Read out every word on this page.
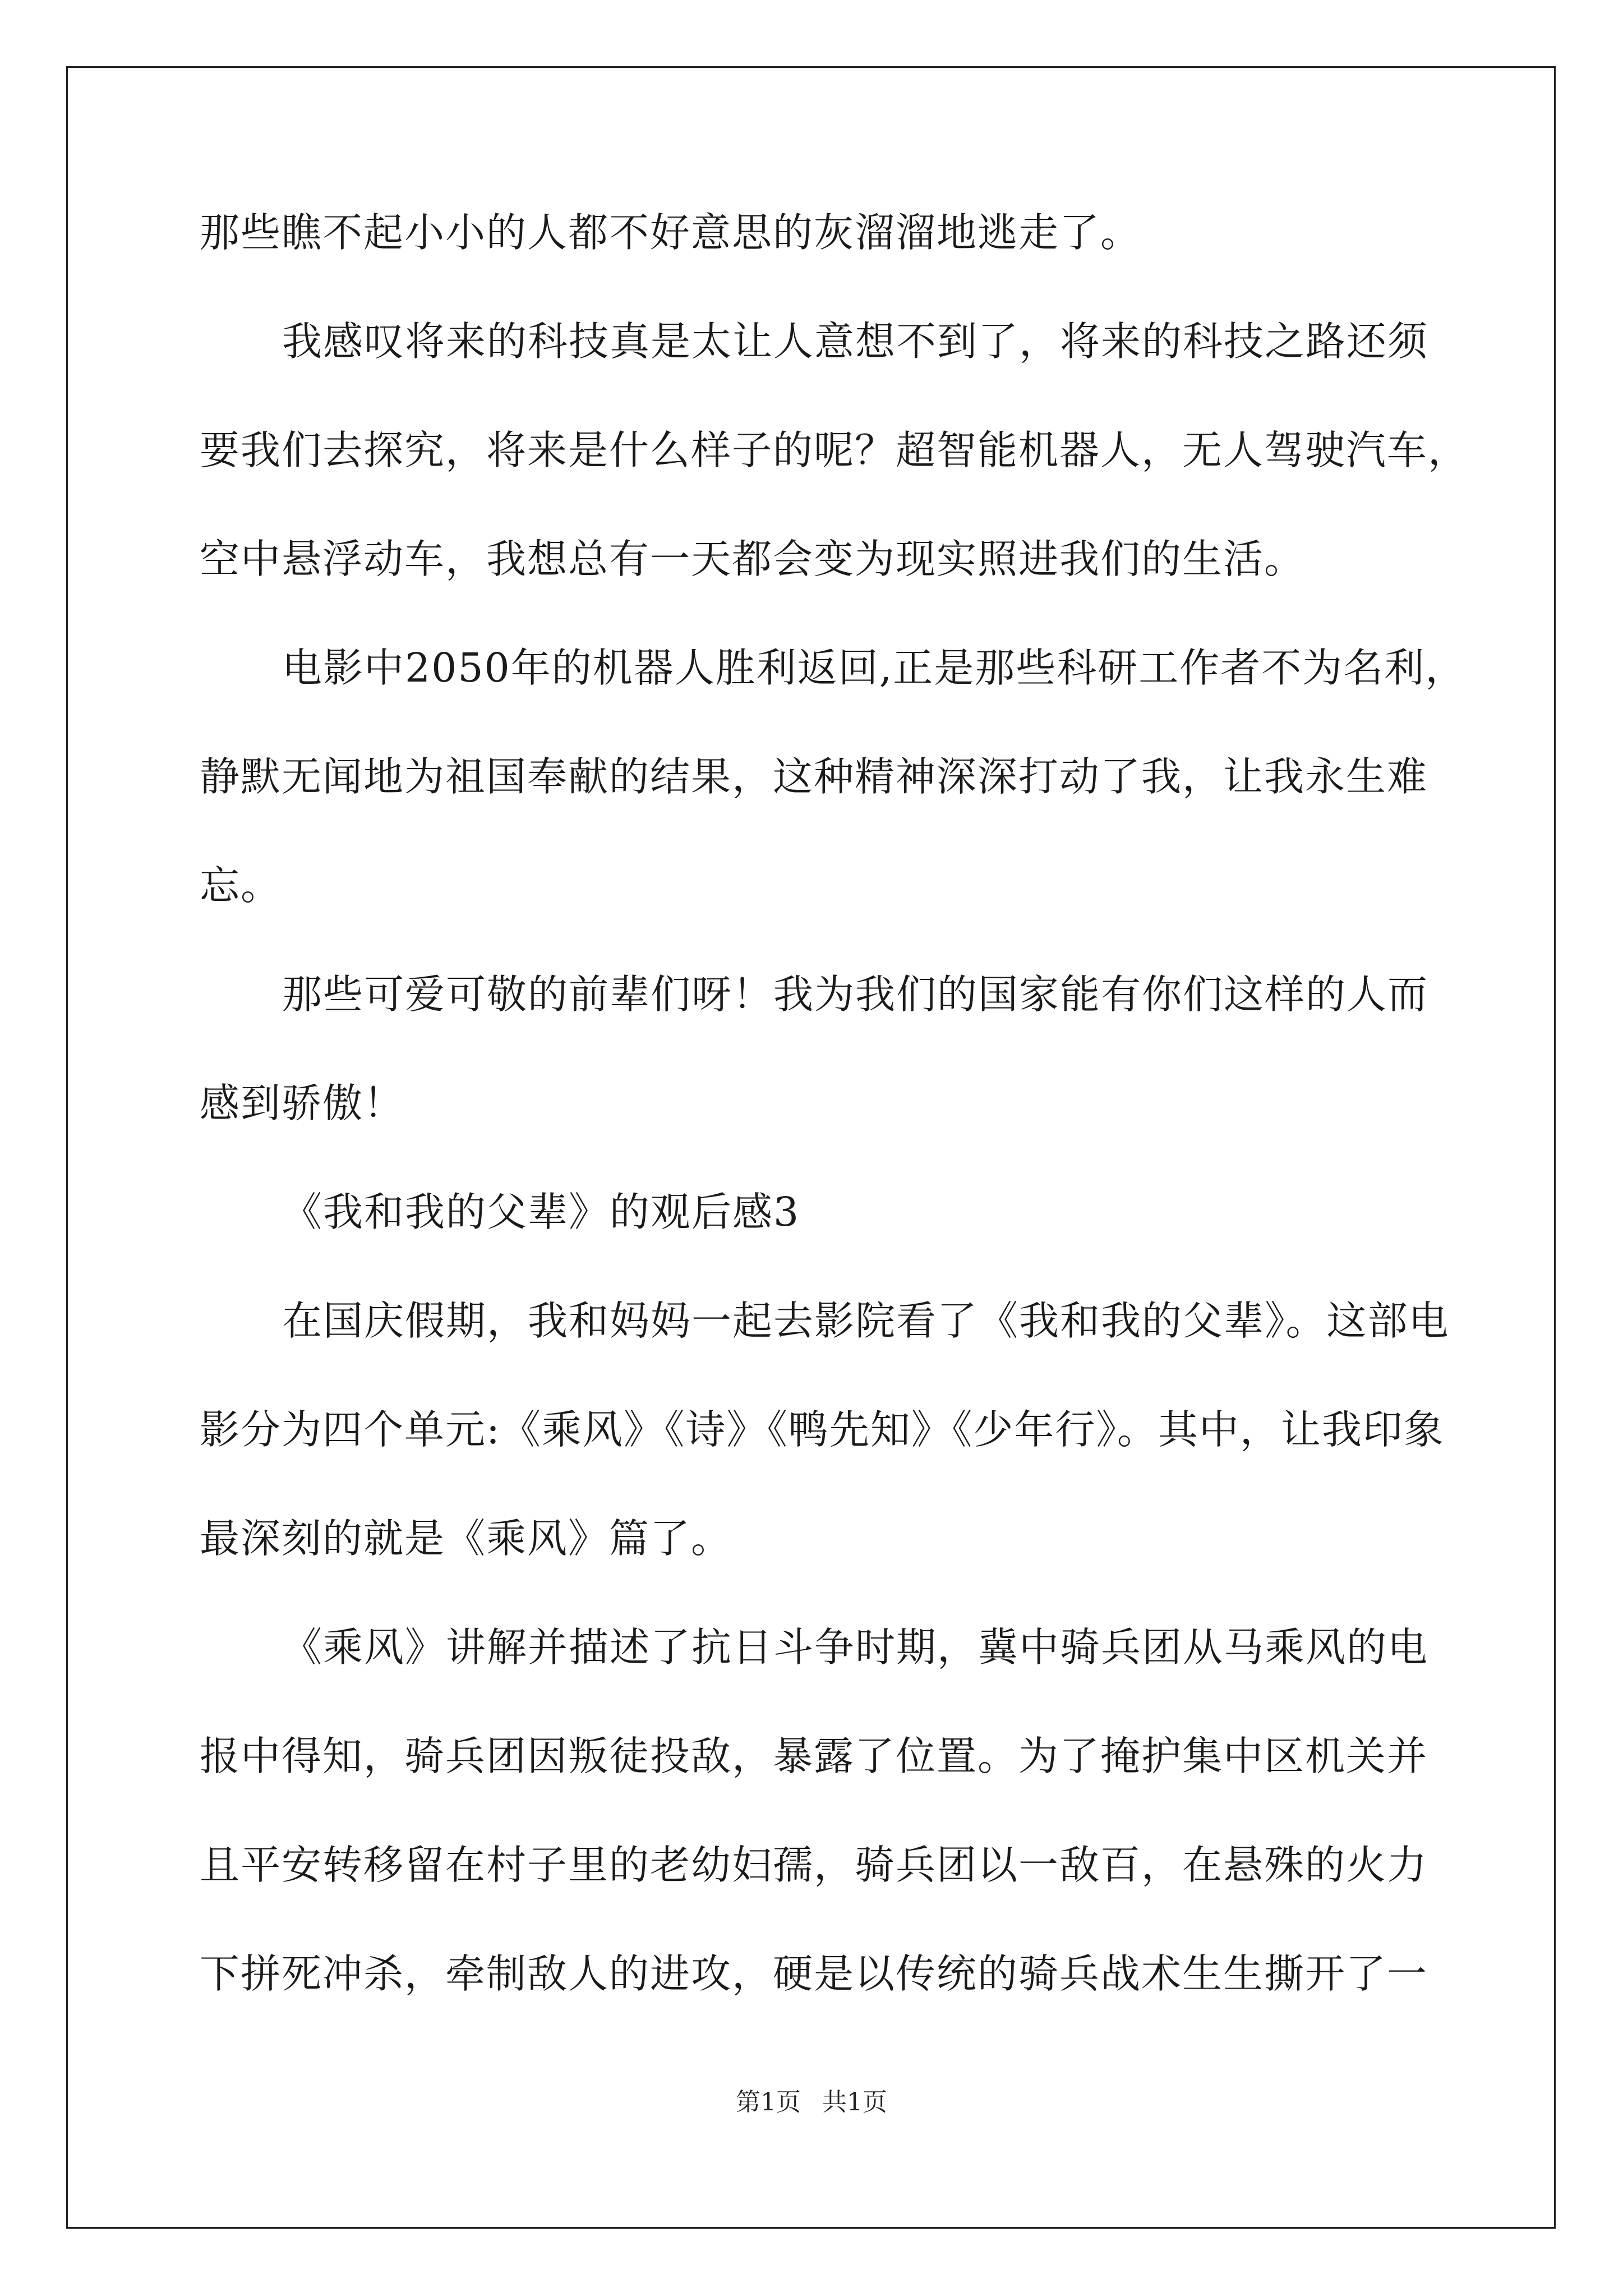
那些瞧不起小小的人都不好意思的灰溜溜地逃走了。
我感叹将来的科技真是太让人意想不到了，将来的科技之路还须
要我们去探究，将来是什么样子的呢？超智能机器人，无人驾驶汽车，
空中悬浮动车，我想总有一天都会变为现实照进我们的生活。
电影中2050年的机器人胜利返回,正是那些科研工作者不为名利，
静默无闻地为祖国奉献的结果，这种精神深深打动了我，让我永生难
忘。
那些可爱可敬的前辈们呀！我为我们的国家能有你们这样的人而
感到骄傲！
《我和我的父辈》的观后感3
在国庆假期，我和妈妈一起去影院看了《我和我的父辈》。这部电
影分为四个单元:《乘风》《诗》《鸭先知》《少年行》。其中，让我印象
最深刻的就是《乘风》篇了。
《乘风》讲解并描述了抗日斗争时期，冀中骑兵团从马乘风的电
报中得知，骑兵团因叛徒投敌，暴露了位置。为了掩护集中区机关并
且平安转移留在村子里的老幼妇孺，骑兵团以一敌百，在悬殊的火力
下拼死冲杀，牵制敌人的进攻，硬是以传统的骑兵战术生生撕开了一
第1页 共1页
